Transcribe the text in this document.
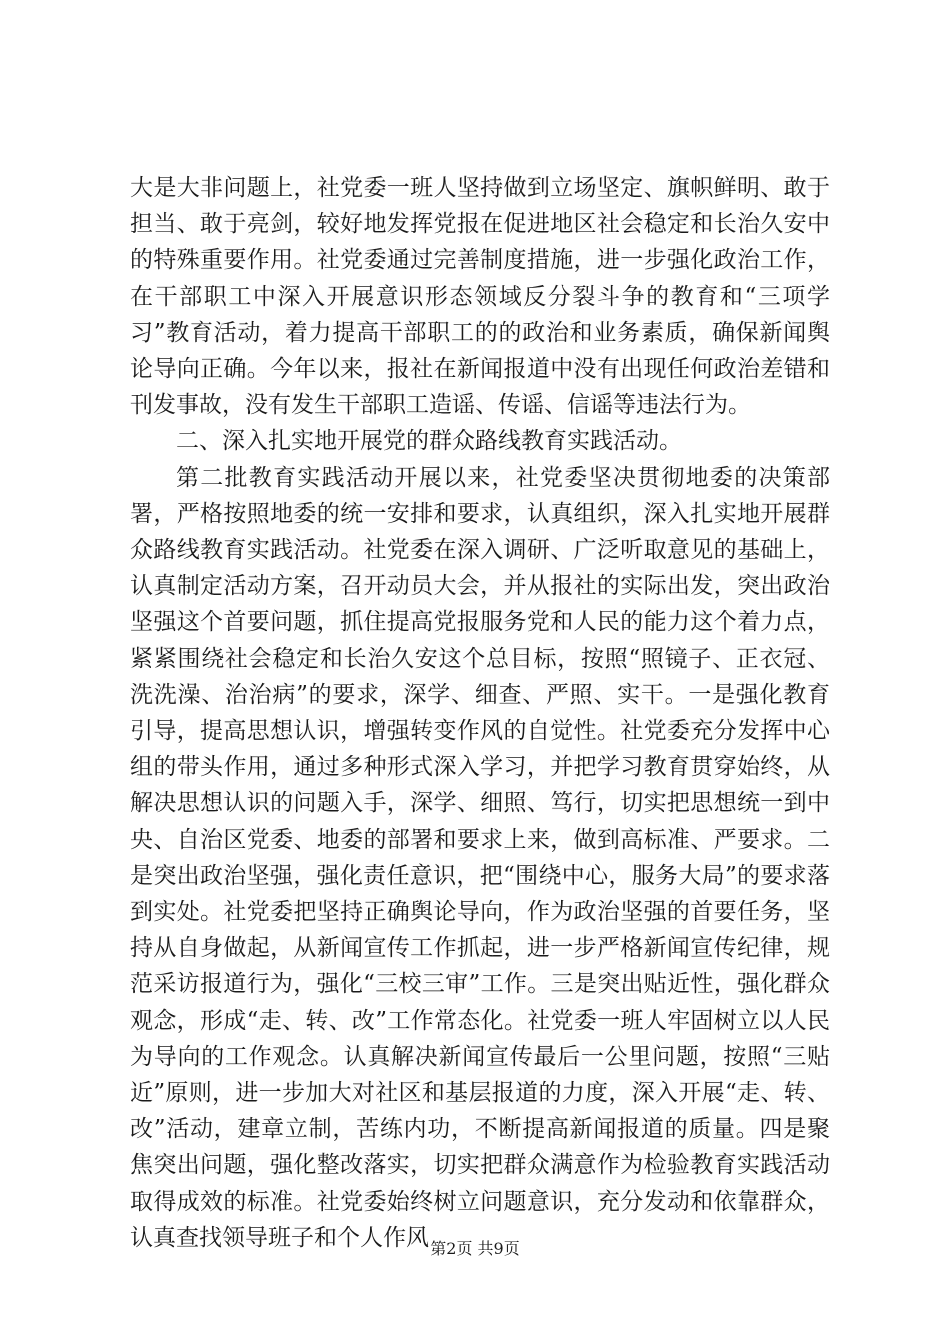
大是大非问题上，社党委一班人坚持做到立场坚定、旗帜鲜明、敢于担当、敢于亮剑，较好地发挥党报在促进地区社会稳定和长治久安中的特殊重要作用。社党委通过完善制度措施，进一步强化政治工作，在干部职工中深入开展意识形态领域反分裂斗争的教育和“三项学习”教育活动，着力提高干部职工的的政治和业务素质，确保新闻舆论导向正确。今年以来，报社在新闻报道中没有出现任何政治差错和刊发事故，没有发生干部职工造谣、传谣、信谣等违法行为。

二、深入扎实地开展党的群众路线教育实践活动。

第二批教育实践活动开展以来，社党委坚决贯彻地委的决策部署，严格按照地委的统一安排和要求，认真组织，深入扎实地开展群众路线教育实践活动。社党委在深入调研、广泛听取意见的基础上，认真制定活动方案，召开动员大会，并从报社的实际出发，突出政治坚强这个首要问题，抓住提高党报服务党和人民的能力这个着力点，紧紧围绕社会稳定和长治久安这个总目标，按照“照镜子、正衣冠、洗洗澡、治治病”的要求，深学、细查、严照、实干。一是强化教育引导，提高思想认识，增强转变作风的自觉性。社党委充分发挥中心组的带头作用，通过多种形式深入学习，并把学习教育贯穿始终，从解决思想认识的问题入手，深学、细照、笃行，切实把思想统一到中央、自治区党委、地委的部署和要求上来，做到高标准、严要求。二是突出政治坚强，强化责任意识，把“围绕中心，服务大局”的要求落到实处。社党委把坚持正确舆论导向，作为政治坚强的首要任务，坚持从自身做起，从新闻宣传工作抓起，进一步严格新闻宣传纪律，规范采访报道行为，强化“三校三审”工作。三是突出贴近性，强化群众观念，形成“走、转、改”工作常态化。社党委一班人牢固树立以人民为导向的工作观念。认真解决新闻宣传最后一公里问题，按照“三贴近”原则，进一步加大对社区和基层报道的力度，深入开展“走、转、改”活动，建章立制，苦练内功，不断提高新闻报道的质量。四是聚焦突出问题，强化整改落实，切实把群众满意作为检验教育实践活动取得成效的标准。社党委始终树立问题意识，充分发动和依靠群众，认真查找领导班子和个人作风 第2页 共9页
